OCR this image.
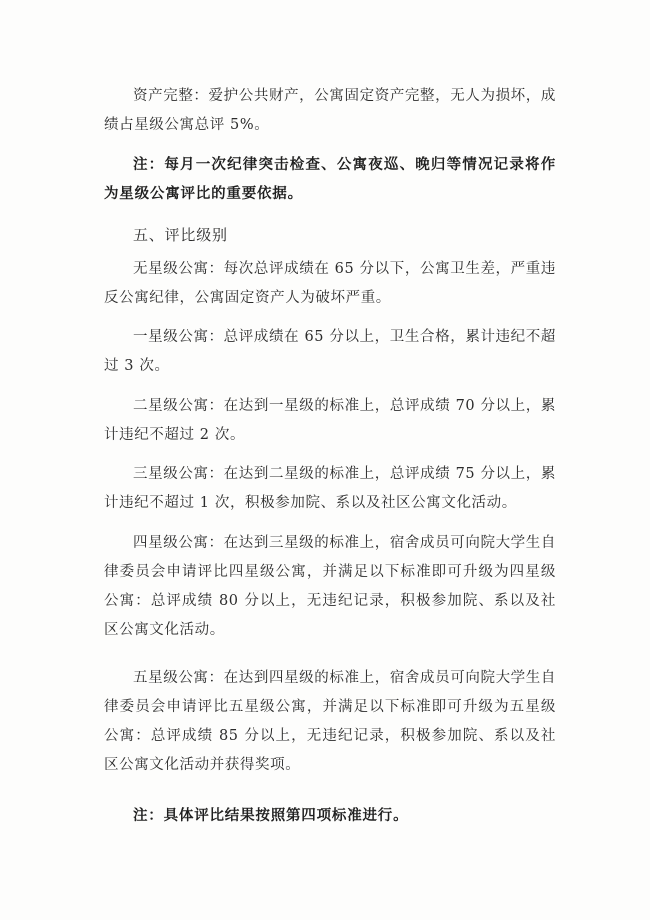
资产完整：爱护公共财产，公寓固定资产完整，无人为损坏，成绩占星级公寓总评 5%。

注：每月一次纪律突击检查、公寓夜巡、晚归等情况记录将作为星级公寓评比的重要依据。

五、评比级别

无星级公寓：每次总评成绩在 65 分以下，公寓卫生差，严重违反公寓纪律，公寓固定资产人为破坏严重。

一星级公寓：总评成绩在 65 分以上，卫生合格，累计违纪不超过 3 次。

二星级公寓：在达到一星级的标准上，总评成绩 70 分以上，累计违纪不超过 2 次。

三星级公寓：在达到二星级的标准上，总评成绩 75 分以上，累计违纪不超过 1 次，积极参加院、系以及社区公寓文化活动。

四星级公寓：在达到三星级的标准上，宿舍成员可向院大学生自律委员会申请评比四星级公寓，并满足以下标准即可升级为四星级公寓：总评成绩 80 分以上，无违纪记录，积极参加院、系以及社区公寓文化活动。

五星级公寓：在达到四星级的标准上，宿舍成员可向院大学生自律委员会申请评比五星级公寓，并满足以下标准即可升级为五星级公寓：总评成绩 85 分以上，无违纪记录，积极参加院、系以及社区公寓文化活动并获得奖项。

注：具体评比结果按照第四项标准进行。
